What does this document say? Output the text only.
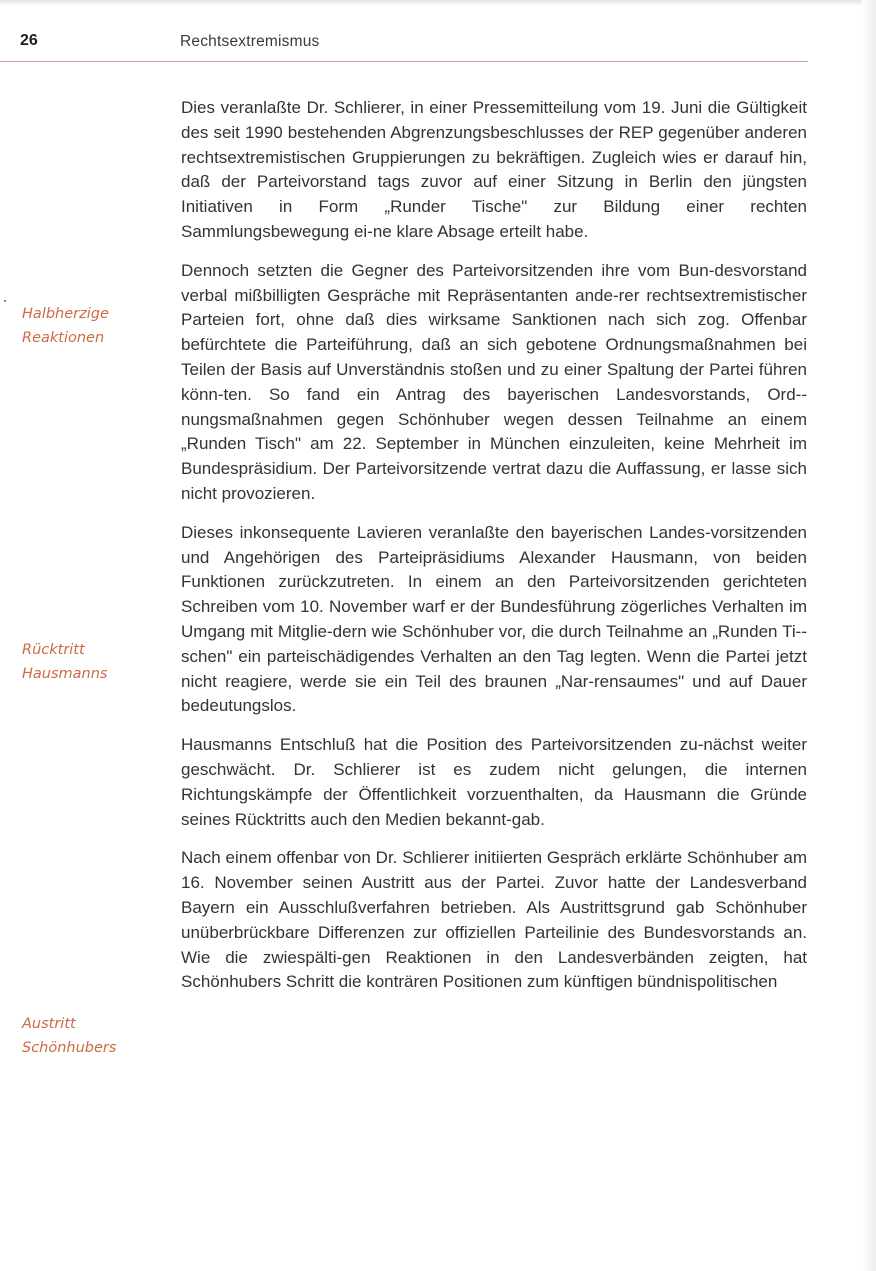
26	Rechtsextremismus
Halbherzige
Reaktionen
Rücktritt
Hausmanns
Austritt
Schönhubers

Dies veranlaßte Dr. Schlierer, in einer Pressemitteilung vom 19. Juni die Gültigkeit des seit 1990 bestehenden Abgrenzungsbeschlusses der REP gegenüber anderen rechtsextremistischen Gruppierungen zu bekräftigen. Zugleich wies er darauf hin, daß der Parteivorstand tags zuvor auf einer Sitzung in Berlin den jüngsten Initiativen in Form „Runder Tische" zur Bildung einer rechten Sammlungsbewegung ei-ne klare Absage erteilt habe.

Dennoch setzten die Gegner des Parteivorsitzenden ihre vom Bun-desvorstand verbal mißbilligten Gespräche mit Repräsentanten ande-rer rechtsextremistischer Parteien fort, ohne daß dies wirksame Sanktionen nach sich zog. Offenbar befürchtete die Parteiführung, daß an sich gebotene Ordnungsmaßnahmen bei Teilen der Basis auf Unverständnis stoßen und zu einer Spaltung der Partei führen könn-ten. So fand ein Antrag des bayerischen Landesvorstands, Ord-nungsmaßnahmen gegen Schönhuber wegen dessen Teilnahme an einem „Runden Tisch" am 22. September in München einzuleiten, keine Mehrheit im Bundespräsidium. Der Parteivorsitzende vertrat dazu die Auffassung, er lasse sich nicht provozieren.

Dieses inkonsequente Lavieren veranlaßte den bayerischen Landes-vorsitzenden und Angehörigen des Parteipräsidiums Alexander Hausmann, von beiden Funktionen zurückzutreten. In einem an den Parteivorsitzenden gerichteten Schreiben vom 10. November warf er der Bundesführung zögerliches Verhalten im Umgang mit Mitglie-dern wie Schönhuber vor, die durch Teilnahme an „Runden Ti-schen" ein parteischädigendes Verhalten an den Tag legten. Wenn die Partei jetzt nicht reagiere, werde sie ein Teil des braunen „Nar-rensaumes" und auf Dauer bedeutungslos.

Hausmanns Entschluß hat die Position des Parteivorsitzenden zu-nächst weiter geschwächt. Dr. Schlierer ist es zudem nicht gelungen, die internen Richtungskämpfe der Öffentlichkeit vorzuenthalten, da Hausmann die Gründe seines Rücktritts auch den Medien bekannt-gab.

Nach einem offenbar von Dr. Schlierer initiierten Gespräch erklärte Schönhuber am 16. November seinen Austritt aus der Partei. Zuvor hatte der Landesverband Bayern ein Ausschlußverfahren betrieben. Als Austrittsgrund gab Schönhuber unüberbrückbare Differenzen zur offiziellen Parteilinie des Bundesvorstands an. Wie die zwiespälti-gen Reaktionen in den Landesverbänden zeigten, hat Schönhubers Schritt die konträren Positionen zum künftigen bündnispolitischen
